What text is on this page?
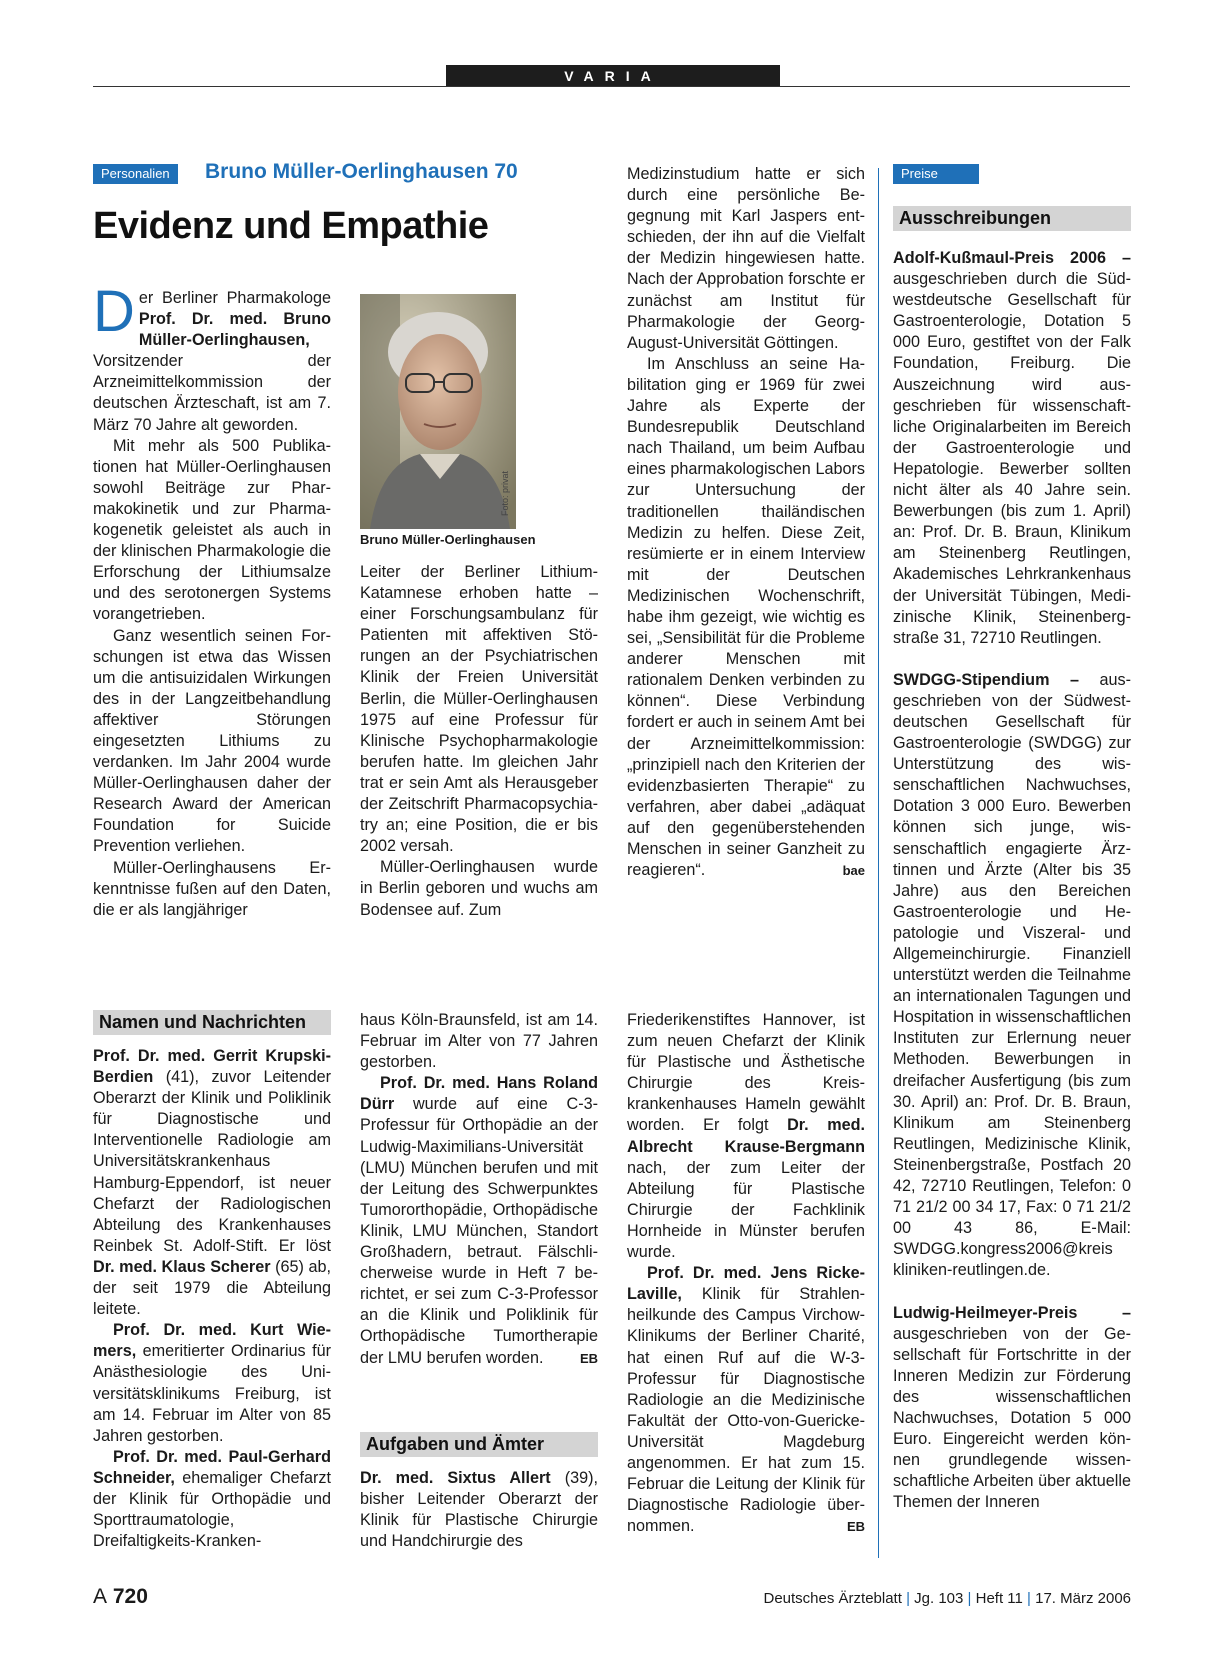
VARIA
Personalien	Bruno Müller-Oerlinghausen 70
Evidenz und Empathie

Der Berliner Pharmakologe Prof. Dr. med. Bruno Müller-Oerlinghausen, Vorsitzender der Arzneimittelkommission der deutschen Ärzteschaft, ist am 7. März 70 Jahre alt geworden.

Mit mehr als 500 Publikationen hat Müller-Oerlinghausen sowohl Beiträge zur Pharmakokinetik und zur Pharmakogenetik geleistet als auch in der klinischen Pharmakologie die Erforschung der Lithiumsalze und des serotonergen Systems vorangetrieben.

Ganz wesentlich seinen Forschungen ist etwa das Wissen um die antisuizidalen Wirkungen des in der Langzeitbehandlung affektiver Störungen eingesetzten Lithiums zu verdanken. Im Jahr 2004 wurde Müller-Oerlinghausen daher der Research Award der American Foundation for Suicide Prevention verliehen.

Müller-Oerlinghausens Erkenntnisse fußen auf den Daten, die er als langjähriger

Foto: privat
Bruno Müller-Oerlinghausen

Leiter der Berliner Lithium-Katamnese erhoben hatte – einer Forschungsambulanz für Patienten mit affektiven Störungen an der Psychiatrischen Klinik der Freien Universität Berlin, die Müller-Oerlinghausen 1975 auf eine Professur für Klinische Psychopharmakologie berufen hatte. Im gleichen Jahr trat er sein Amt als Herausgeber der Zeitschrift Pharmacopsychiatry an; eine Position, die er bis 2002 versah.

Müller-Oerlinghausen wurde in Berlin geboren und wuchs am Bodensee auf. Zum

Medizinstudium hatte er sich durch eine persönliche Begegnung mit Karl Jaspers entschieden, der ihn auf die Vielfalt der Medizin hingewiesen hatte. Nach der Approbation forschte er zunächst am Institut für Pharmakologie der Georg-August-Universität Göttingen.

Im Anschluss an seine Habilitation ging er 1969 für zwei Jahre als Experte der Bundesrepublik Deutschland nach Thailand, um beim Aufbau eines pharmakologischen Labors zur Untersuchung der traditionellen thailändischen Medizin zu helfen. Diese Zeit, resümierte er in einem Interview mit der Deutschen Medizinischen Wochenschrift, habe ihm gezeigt, wie wichtig es sei, „Sensibilität für die Probleme anderer Menschen mit rationalem Denken verbinden zu können“. Diese Verbindung fordert er auch in seinem Amt bei der Arzneimittelkommission: „prinzipiell nach den Kriterien der evidenzbasierten Therapie“ zu verfahren, aber dabei „adäquat auf den gegenüberstehenden Menschen in seiner Ganzheit zu reagieren“.	bae

Namen und Nachrichten

Prof. Dr. med. Gerrit Krupski-Berdien (41), zuvor Leitender Oberarzt der Klinik und Poliklinik für Diagnostische und Interventionelle Radiologie am Universitätskrankenhaus Hamburg-Eppendorf, ist neuer Chefarzt der Radiologischen Abteilung des Krankenhauses Reinbek St. Adolf-Stift. Er löst Dr. med. Klaus Scherer (65) ab, der seit 1979 die Abteilung leitete.

Prof. Dr. med. Kurt Wiemers, emeritierter Ordinarius für Anästhesiologie des Universitätsklinikums Freiburg, ist am 14. Februar im Alter von 85 Jahren gestorben.

Prof. Dr. med. Paul-Gerhard Schneider, ehemaliger Chefarzt der Klinik für Orthopädie und Sporttraumatologie, Dreifaltigkeits-Kranken-

haus Köln-Braunsfeld, ist am 14. Februar im Alter von 77 Jahren gestorben.

Prof. Dr. med. Hans Roland Dürr wurde auf eine C-3-Professur für Orthopädie an der Ludwig-Maximilians-Universität (LMU) München berufen und mit der Leitung des Schwerpunktes Tumororthopädie, Orthopädische Klinik, LMU München, Standort Großhadern, betraut. Fälschlicherweise wurde in Heft 7 berichtet, er sei zum C-3-Professor an die Klinik und Poliklinik für Orthopädische Tumortherapie der LMU berufen worden.	EB

Aufgaben und Ämter

Dr. med. Sixtus Allert (39), bisher Leitender Oberarzt der Klinik für Plastische Chirurgie und Handchirurgie des

Friederikenstiftes Hannover, ist zum neuen Chefarzt der Klinik für Plastische und Ästhetische Chirurgie des Kreiskrankenhauses Hameln gewählt worden. Er folgt Dr. med. Albrecht Krause-Bergmann nach, der zum Leiter der Abteilung für Plastische Chirurgie der Fachklinik Hornheide in Münster berufen wurde.

Prof. Dr. med. Jens Ricke-Laville, Klinik für Strahlenheilkunde des Campus Virchow-Klinikums der Berliner Charité, hat einen Ruf auf die W-3-Professur für Diagnostische Radiologie an die Medizinische Fakultät der Otto-von-Guericke-Universität Magdeburg angenommen. Er hat zum 15. Februar die Leitung der Klinik für Diagnostische Radiologie übernommen.	EB

Preise
Ausschreibungen

Adolf-Kußmaul-Preis 2006 – ausgeschrieben durch die Südwestdeutsche Gesellschaft für Gastroenterologie, Dotation 5 000 Euro, gestiftet von der Falk Foundation, Freiburg. Die Auszeichnung wird ausgeschrieben für wissenschaftliche Originalarbeiten im Bereich der Gastroenterologie und Hepatologie. Bewerber sollten nicht älter als 40 Jahre sein. Bewerbungen (bis zum 1. April) an: Prof. Dr. B. Braun, Klinikum am Steinenberg Reutlingen, Akademisches Lehrkrankenhaus der Universität Tübingen, Medizinische Klinik, Steinenbergstraße 31, 72710 Reutlingen.

SWDGG-Stipendium – ausgeschrieben von der Südwestdeutschen Gesellschaft für Gastroenterologie (SWDGG) zur Unterstützung des wissenschaftlichen Nachwuchses, Dotation 3 000 Euro. Bewerben können sich junge, wissenschaftlich engagierte Ärztinnen und Ärzte (Alter bis 35 Jahre) aus den Bereichen Gastroenterologie und Hepatologie und Viszeral- und Allgemeinchirurgie. Finanziell unterstützt werden die Teilnahme an internationalen Tagungen und Hospitation in wissenschaftlichen Instituten zur Erlernung neuer Methoden. Bewerbungen in dreifacher Ausfertigung (bis zum 30. April) an: Prof. Dr. B. Braun, Klinikum am Steinenberg Reutlingen, Medizinische Klinik, Steinenbergstraße, Postfach 20 42, 72710 Reutlingen, Telefon: 0 71 21/2 00 34 17, Fax: 0 71 21/2 00 43 86, E-Mail: SWDGG.kongress2006@kreis kliniken-reutlingen.de.

Ludwig-Heilmeyer-Preis – ausgeschrieben von der Gesellschaft für Fortschritte in der Inneren Medizin zur Förderung des wissenschaftlichen Nachwuchses, Dotation 5 000 Euro. Eingereicht werden können grundlegende wissenschaftliche Arbeiten über aktuelle Themen der Inneren

A 720	Deutsches Ärzteblatt | Jg. 103 | Heft 11 | 17. März 2006
